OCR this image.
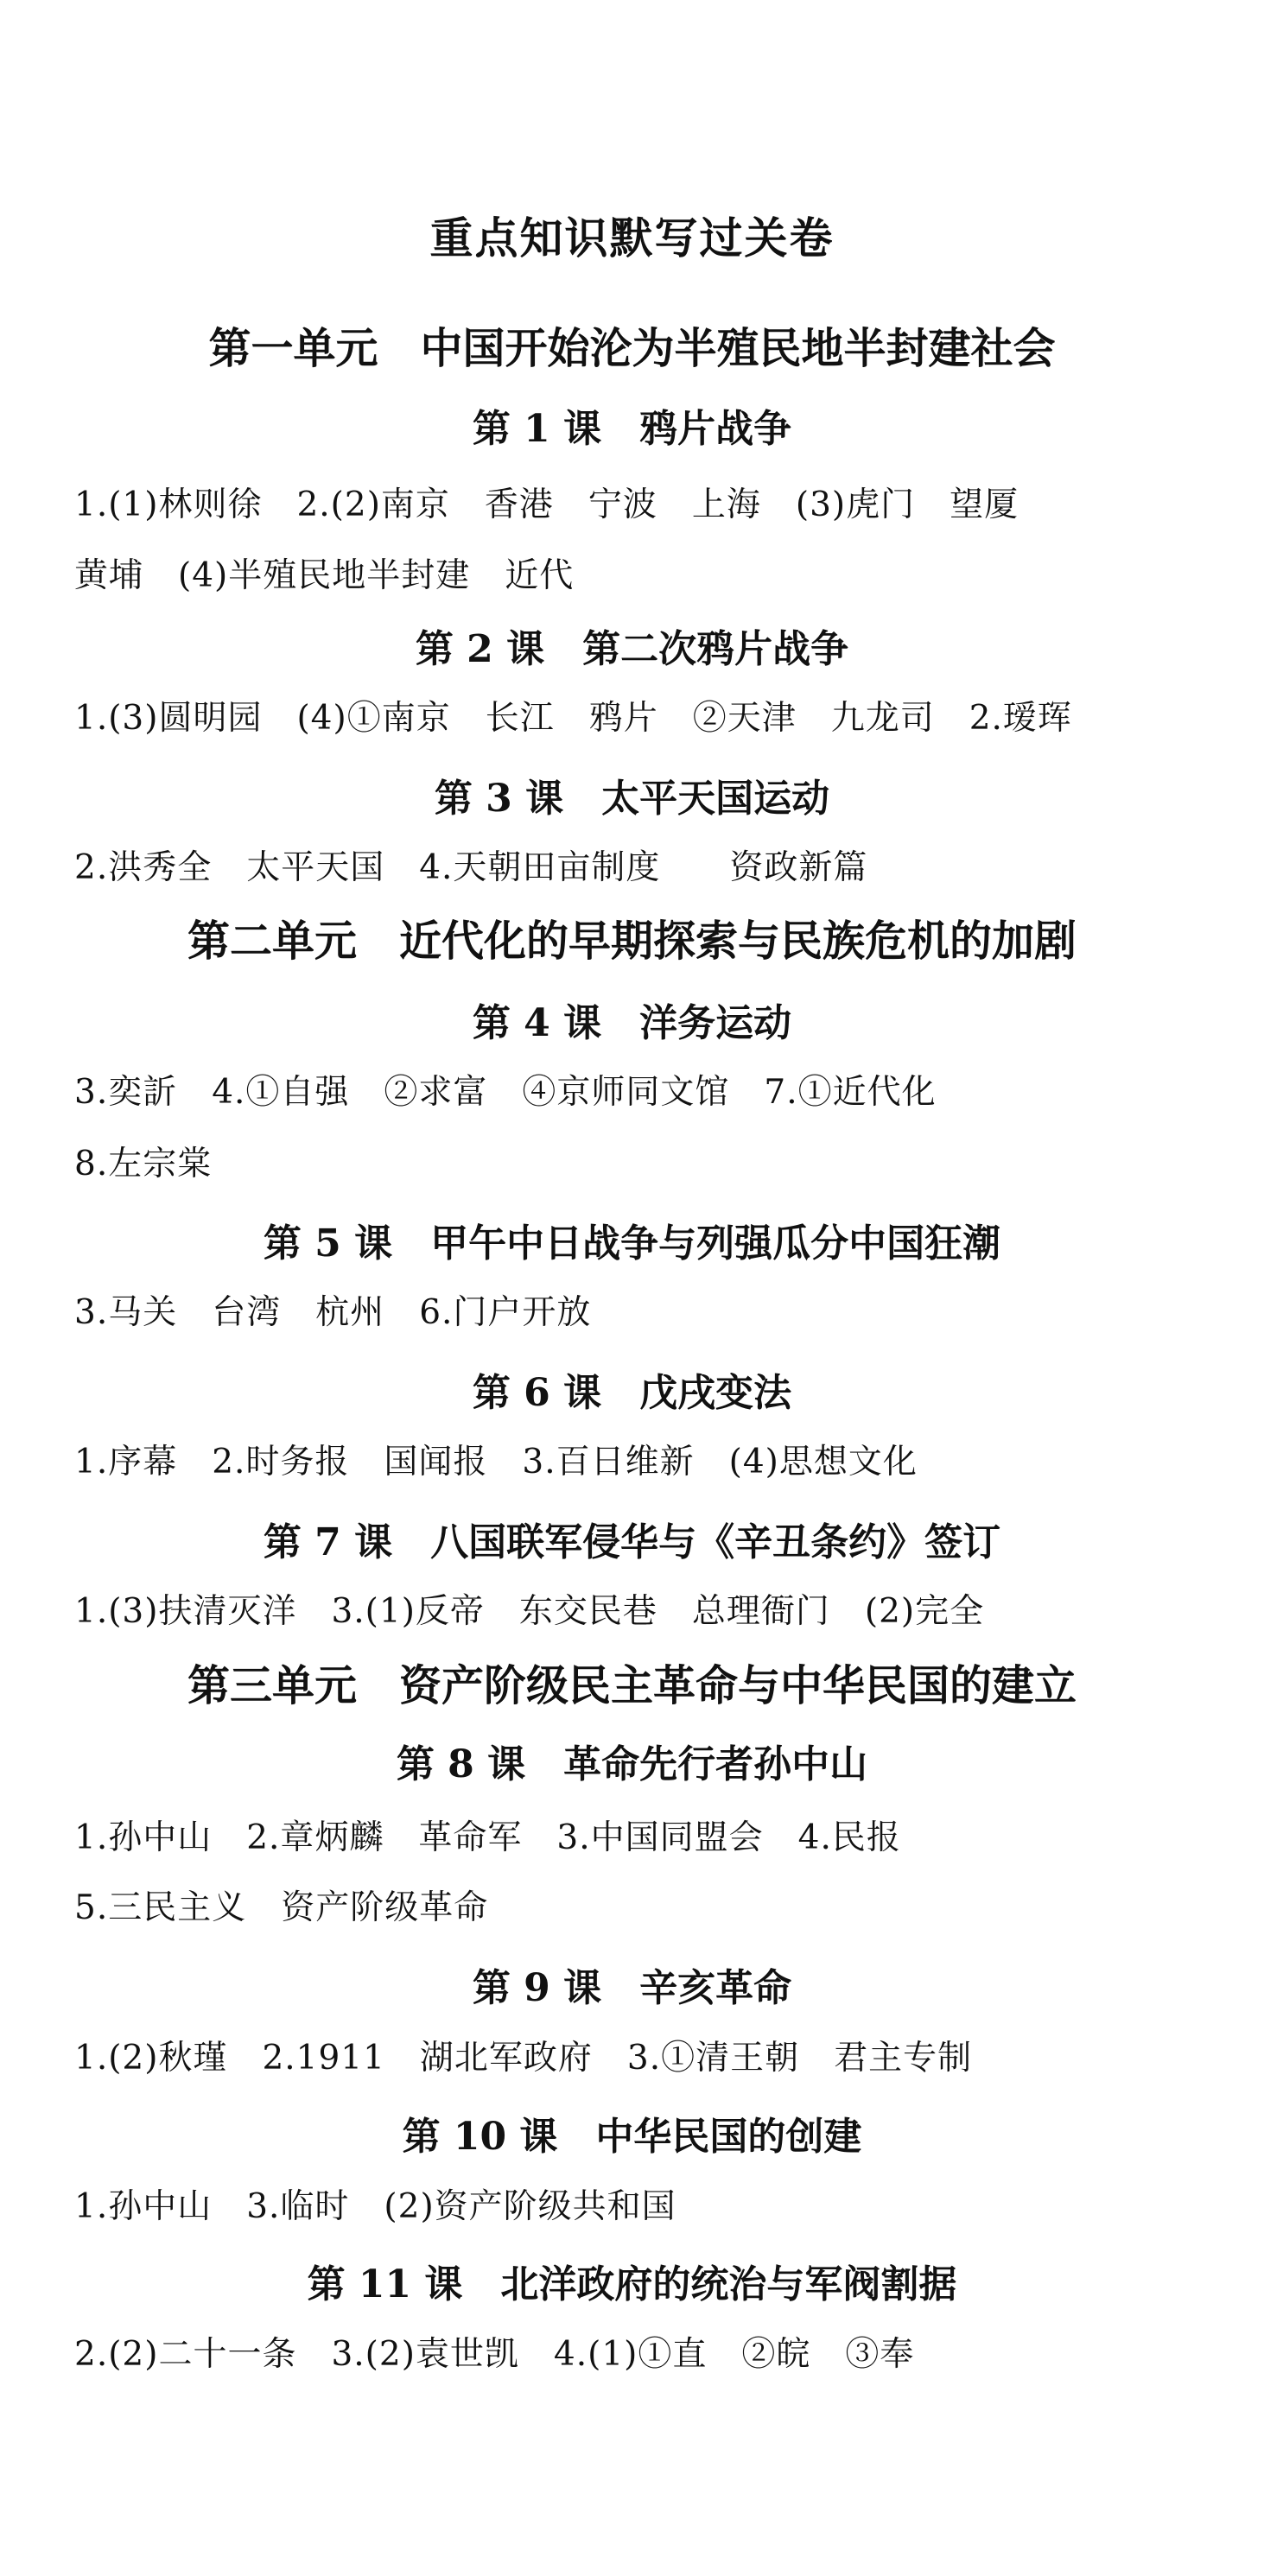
重点知识默写过关卷
第一单元　中国开始沦为半殖民地半封建社会
第 1 课　鸦片战争
1.(1)林则徐　2.(2)南京　香港　宁波　上海　(3)虎门　望厦
黄埔　(4)半殖民地半封建　近代
第 2 课　第二次鸦片战争
1.(3)圆明园　(4)①南京　长江　鸦片　②天津　九龙司　2.瑷珲
第 3 课　太平天国运动
2.洪秀全　太平天国　4.天朝田亩制度　　资政新篇
第二单元　近代化的早期探索与民族危机的加剧
第 4 课　洋务运动
3.奕訢　4.①自强　②求富　④京师同文馆　7.①近代化
8.左宗棠
第 5 课　甲午中日战争与列强瓜分中国狂潮
3.马关　台湾　杭州　6.门户开放
第 6 课　戊戌变法
1.序幕　2.时务报　国闻报　3.百日维新　(4)思想文化
第 7 课　八国联军侵华与《辛丑条约》签订
1.(3)扶清灭洋　3.(1)反帝　东交民巷　总理衙门　(2)完全
第三单元　资产阶级民主革命与中华民国的建立
第 8 课　革命先行者孙中山
1.孙中山　2.章炳麟　革命军　3.中国同盟会　4.民报
5.三民主义　资产阶级革命
第 9 课　辛亥革命
1.(2)秋瑾　2.1911　湖北军政府　3.①清王朝　君主专制
第 10 课　中华民国的创建
1.孙中山　3.临时　(2)资产阶级共和国
第 11 课　北洋政府的统治与军阀割据
2.(2)二十一条　3.(2)袁世凯　4.(1)①直　②皖　③奉
